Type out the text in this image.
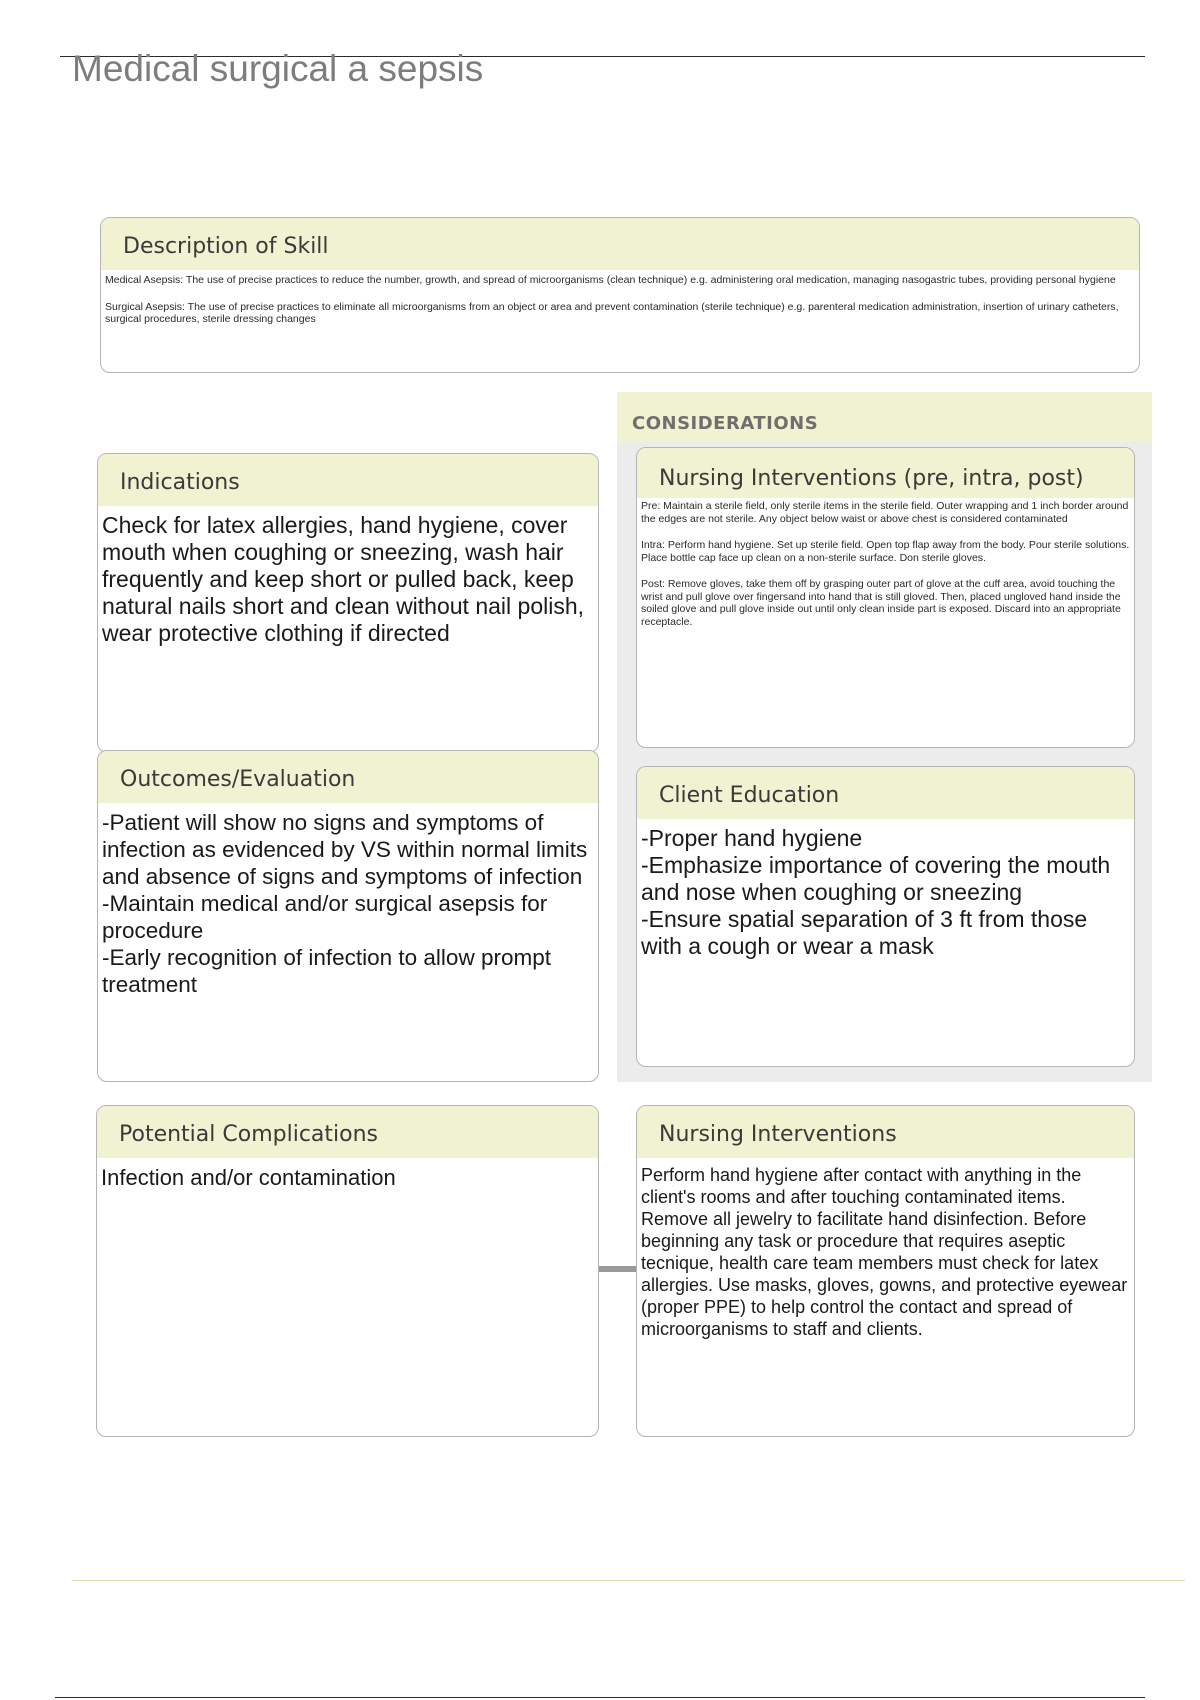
Medical surgical a sepsis
Description of Skill

Medical Asepsis: The use of precise practices to reduce the number, growth, and spread of microorganisms (clean technique) e.g. administering oral medication, managing nasogastric tubes, providing personal hygiene

Surgical Asepsis: The use of precise practices to eliminate all microorganisms from an object or area and prevent contamination (sterile technique) e.g. parenteral medication administration, insertion of urinary catheters, surgical procedures, sterile dressing changes

CONSIDERATIONS
Indications
Check for latex allergies, hand hygiene, cover mouth when coughing or sneezing, wash hair frequently and keep short or pulled back, keep natural nails short and clean without nail polish, wear protective clothing if directed
Nursing Interventions (pre, intra, post)

Pre: Maintain a sterile field, only sterile items in the sterile field. Outer wrapping and 1 inch border around the edges are not sterile. Any object below waist or above chest is considered contaminated

Intra: Perform hand hygiene. Set up sterile field. Open top flap away from the body. Pour sterile solutions. Place bottle cap face up clean on a non-sterile surface. Don sterile gloves.

Post: Remove gloves, take them off by grasping outer part of glove at the cuff area, avoid touching the wrist and pull glove over fingersand into hand that is still gloved. Then, placed ungloved hand inside the soiled glove and pull glove inside out until only clean inside part is exposed. Discard into an appropriate receptacle.

Outcomes/Evaluation
-Patient will show no signs and symptoms of infection as evidenced by VS within normal limits and absence of signs and symptoms of infection
-Maintain medical and/or surgical asepsis for procedure
-Early recognition of infection to allow prompt treatment
Client Education
-Proper hand hygiene
-Emphasize importance of covering the mouth and nose when coughing or sneezing
-Ensure spatial separation of 3 ft from those with a cough or wear a mask
Potential Complications
Infection and/or contamination
Nursing Interventions
Perform hand hygiene after contact with anything in the client's rooms and after touching contaminated items. Remove all jewelry to facilitate hand disinfection. Before beginning any task or procedure that requires aseptic tecnique, health care team members must check for latex allergies. Use masks, gloves, gowns, and protective eyewear (proper PPE) to help control the contact and spread of microorganisms to staff and clients.
